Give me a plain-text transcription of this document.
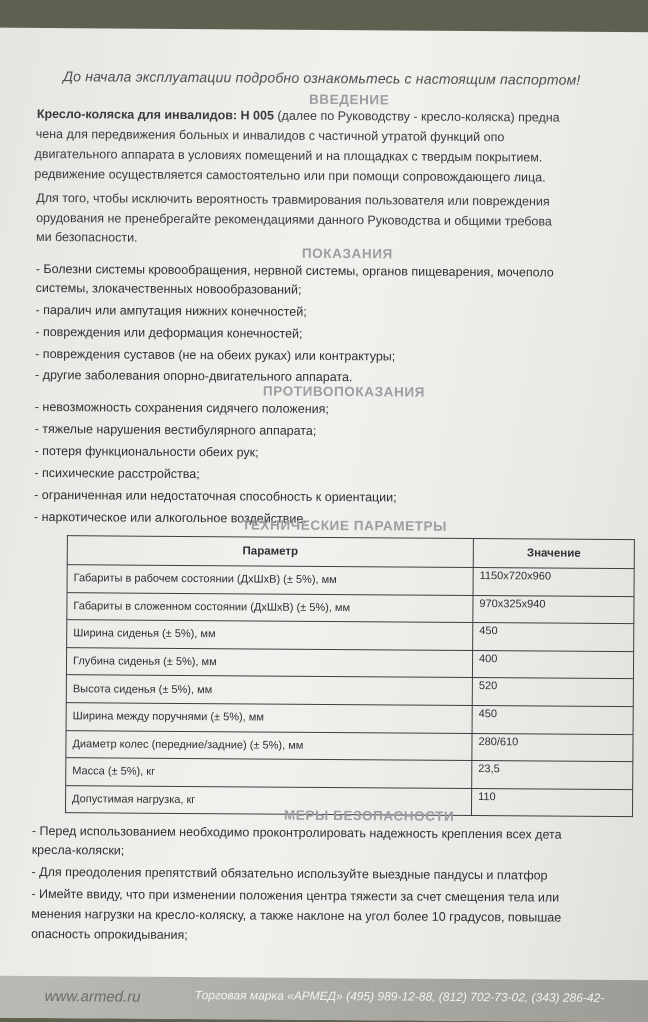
До начала эксплуатации подробно ознакомьтесь с настоящим паспортом!
ВВЕДЕНИЕ
Кресло-коляска для инвалидов: Н 005 (далее по Руководству - кресло-коляска) предна
чена для передвижения больных и инвалидов с частичной утратой функций опо
двигательного аппарата в условиях помещений и на площадках с твердым покрытием.
редвижение осуществляется самостоятельно или при помощи сопровождающего лица.
Для того, чтобы исключить вероятность травмирования пользователя или повреждения
орудования не пренебрегайте рекомендациями данного Руководства и общими требова
ми безопасности.
ПОКАЗАНИЯ
- Болезни системы кровообращения, нервной системы, органов пищеварения, мочеполо
системы, злокачественных новообразований;
- паралич или ампутация нижних конечностей;
- повреждения или деформация конечностей;
- повреждения суставов (не на обеих руках) или контрактуры;
- другие заболевания опорно-двигательного аппарата.
ПРОТИВОПОКАЗАНИЯ
- невозможность сохранения сидячего положения;
- тяжелые нарушения вестибулярного аппарата;
- потеря функциональности обеих рук;
- психические расстройства;
- ограниченная или недостаточная способность к ориентации;
- наркотическое или алкогольное воздействие.
ТЕХНИЧЕСКИЕ ПАРАМЕТРЫ
Параметр	Значение
Габариты в рабочем состоянии (ДхШхВ) (± 5%), мм	1150х720х960
Габариты в сложенном состоянии (ДхШхВ) (± 5%), мм	970х325х940
Ширина сиденья (± 5%), мм	450
Глубина сиденья (± 5%), мм	400
Высота сиденья (± 5%), мм	520
Ширина между поручнями (± 5%), мм	450
Диаметр колес (передние/задние) (± 5%), мм	280/610
Масса (± 5%), кг	23,5
Допустимая нагрузка, кг	110
МЕРЫ БЕЗОПАСНОСТИ
- Перед использованием необходимо проконтролировать надежность крепления всех дета
кресла-коляски;
- Для преодоления препятствий обязательно используйте выездные пандусы и платфор
- Имейте ввиду, что при изменении положения центра тяжести за счет смещения тела или
менения нагрузки на кресло-коляску, а также наклоне на угол более 10 градусов, повышае
опасность опрокидывания;
www.armed.ru	Торговая марка «АРМЕД» (495) 989-12-88, (812) 702-73-02, (343) 286-42-
